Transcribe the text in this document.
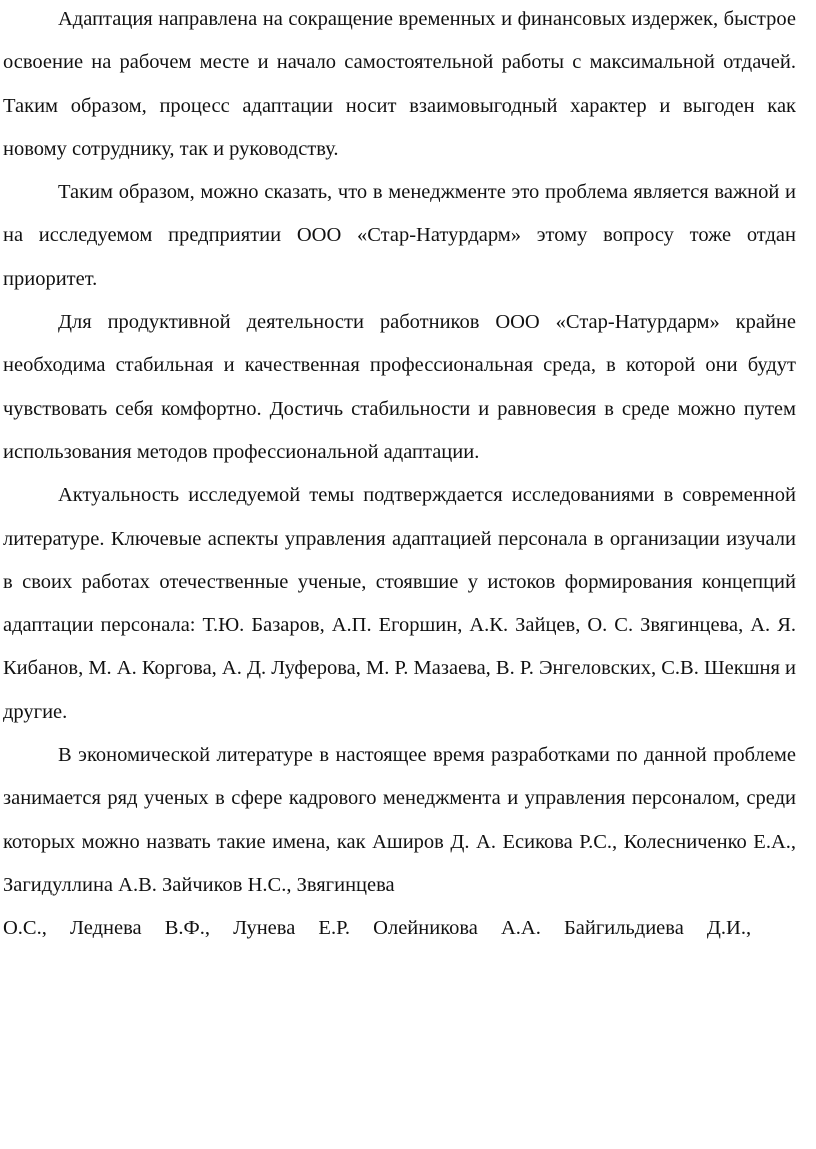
Адаптация направлена на сокращение временных и финансовых издержек, быстрое освоение на рабочем месте и начало самостоятельной работы с максимальной отдачей. Таким образом, процесс адаптации носит взаимовыгодный характер и выгоден как новому сотруднику, так и руководству.

Таким образом, можно сказать, что в менеджменте это проблема является важной и на исследуемом предприятии ООО «Стар-Натурдарм» этому вопросу тоже отдан приоритет.

Для продуктивной деятельности работников ООО «Стар-Натурдарм» крайне необходима стабильная и качественная профессиональная среда, в которой они будут чувствовать себя комфортно. Достичь стабильности и равновесия в среде можно путем использования методов профессиональной адаптации.

Актуальность исследуемой темы подтверждается исследованиями в современной литературе. Ключевые аспекты управления адаптацией персонала в организации изучали в своих работах отечественные ученые, стоявшие у истоков формирования концепций адаптации персонала: Т.Ю. Базаров, А.П. Егоршин, А.К. Зайцев, О. С. Звягинцева, А. Я. Кибанов, М. А. Коргова, А. Д. Луферова, М. Р. Мазаева, В. Р. Энгеловских, С.В. Шекшня и другие.

В экономической литературе в настоящее время разработками по данной проблеме занимается ряд ученых в сфере кадрового менеджмента и управления персоналом, среди которых можно назвать такие имена, как Аширов Д. А. Есикова Р.С., Колесниченко Е.А., Загидуллина А.В. Зайчиков Н.С., Звягинцева

О.С., Леднева В.Ф., Лунева Е.Р. Олейникова А.А. Байгильдиева Д.И.,
